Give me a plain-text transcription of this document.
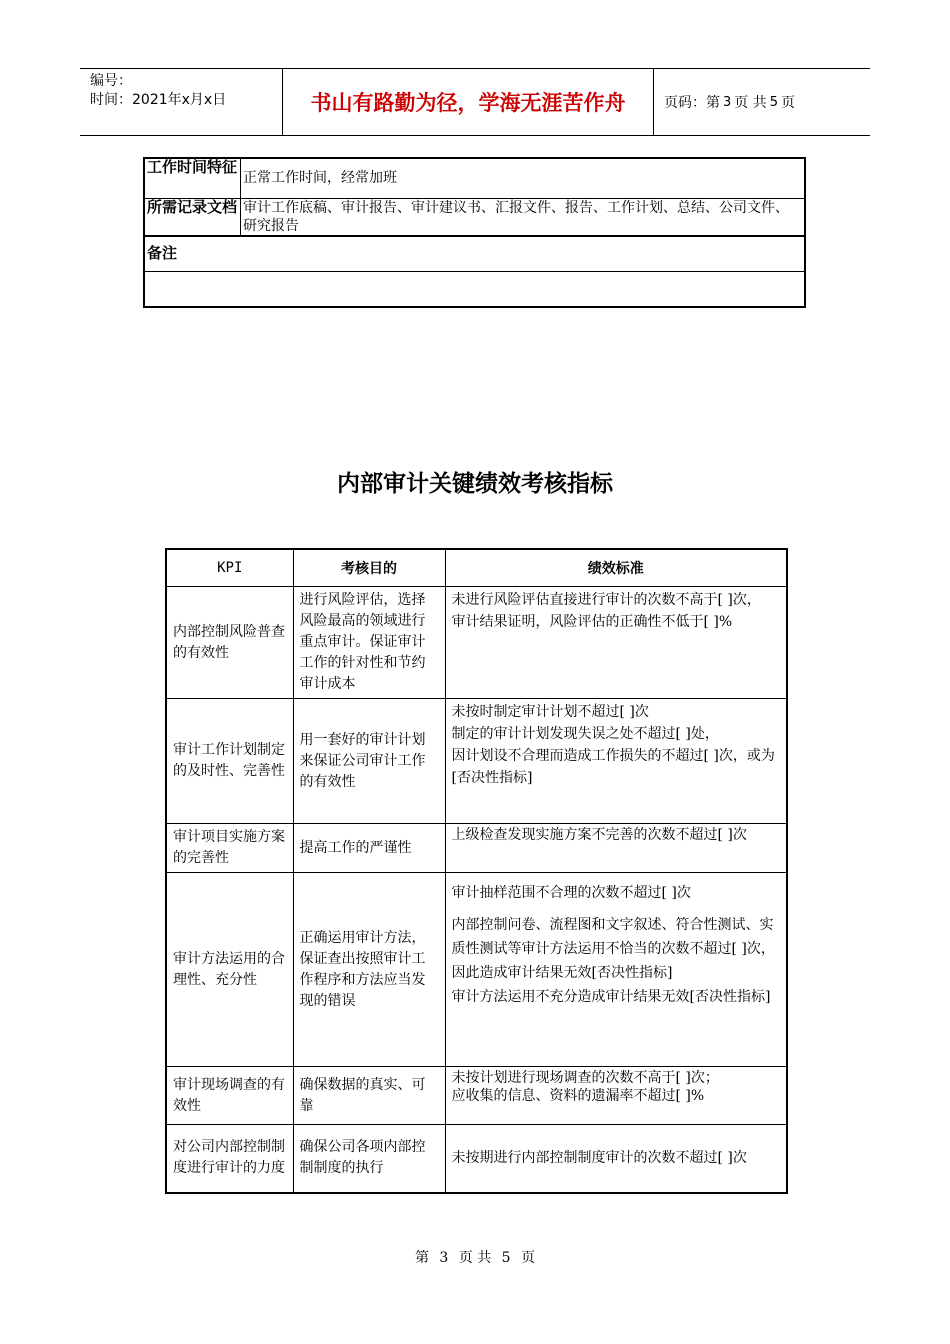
编号：
时间：2021年x月x日	书山有路勤为径，学海无涯苦作舟	页码：第 3 页 共 5 页
工作时间特征	正常工作时间，经常加班
所需记录文档	审计工作底稿、审计报告、审计建议书、汇报文件、报告、工作计划、总结、公司文件、研究报告
备注	

内部审计关键绩效考核指标
KPI	考核目的	绩效标准
内部控制风险普查的有效性	进行风险评估，选择风险最高的领域进行重点审计。保证审计工作的针对性和节约审计成本	未进行风险评估直接进行审计的次数不高于[ ]次，
审计结果证明，风险评估的正确性不低于[ ]%

审计工作计划制定的及时性、完善性	用一套好的审计计划来保证公司审计工作的有效性	未按时制定审计计划不超过[ ]次
制定的审计计划发现失误之处不超过[ ]处，
因计划设不合理而造成工作损失的不超过[ ]次，或为[否决性指标]

审计项目实施方案的完善性	提高工作的严谨性	上级检查发现实施方案不完善的次数不超过[ ]次

审计方法运用的合理性、充分性	正确运用审计方法，保证查出按照审计工作程序和方法应当发现的错误	审计抽样范围不合理的次数不超过[ ]次
内部控制问卷、流程图和文字叙述、符合性测试、实质性测试等审计方法运用不恰当的次数不超过[ ]次，因此造成审计结果无效[否决性指标]
审计方法运用不充分造成审计结果无效[否决性指标]

审计现场调查的有效性	确保数据的真实、可靠	未按计划进行现场调查的次数不高于[ ]次；
应收集的信息、资料的遗漏率不超过[ ]%

对公司内部控制制度进行审计的力度	确保公司各项内部控制制度的执行	未按期进行内部控制制度审计的次数不超过[ ]次
第 3 页 共 5 页
